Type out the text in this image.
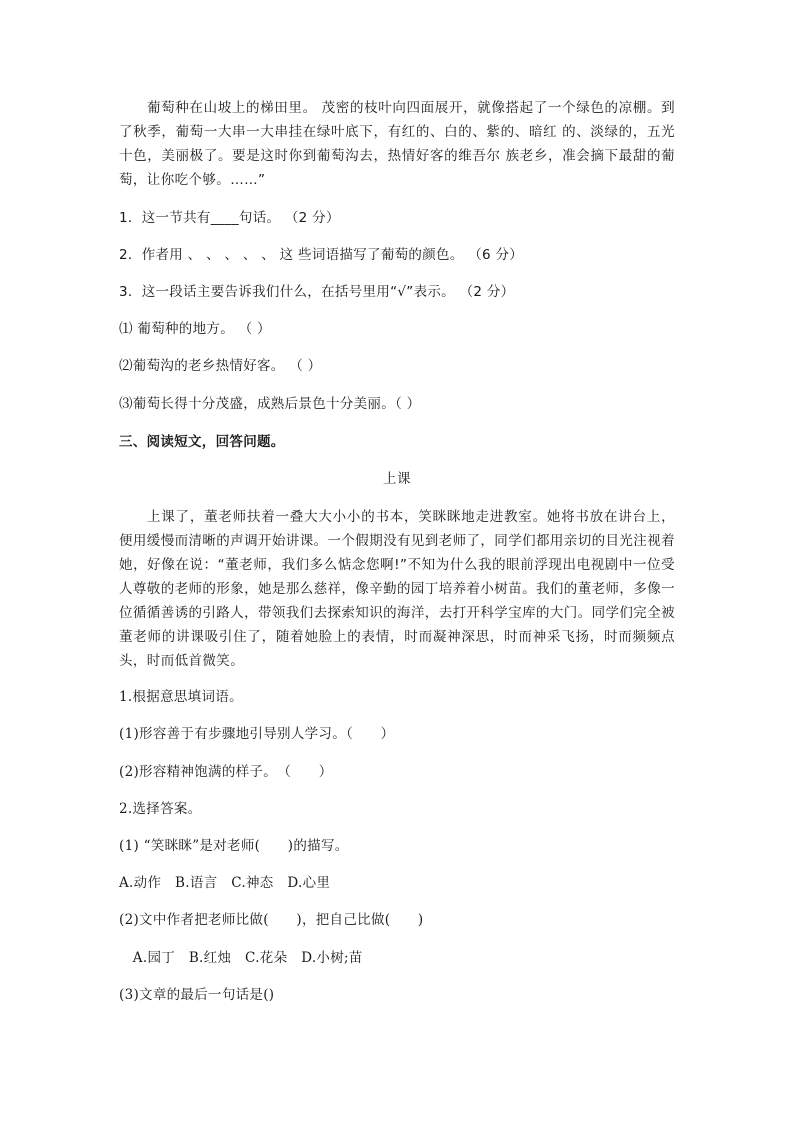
葡萄种在山坡上的梯田里。 茂密的枝叶向四面展开，就像搭起了一个绿色的凉棚。到了秋季，葡萄一大串一大串挂在绿叶底下，有红的、白的、紫的、暗红 的、淡绿的，五光十色，美丽极了。要是这时你到葡萄沟去，热情好客的维吾尔 族老乡，准会摘下最甜的葡萄，让你吃个够。……”

1．这一节共有____句话。 （2 分）

2．作者用 、 、 、 、 、 这 些词语描写了葡萄的颜色。 （6 分）

3．这一段话主要告诉我们什么，在括号里用“√”表示。 （2 分）

⑴ 葡萄种的地方。 （ ）

⑵葡萄沟的老乡热情好客。 （ ）

⑶葡萄长得十分茂盛，成熟后景色十分美丽。（ ）

三、阅读短文，回答问题。

上课

上课了，董老师扶着一叠大大小小的书本，笑眯眯地走进教室。她将书放在讲台上，便用缓慢而清晰的声调开始讲课。一个假期没有见到老师了，同学们都用亲切的目光注视着她，好像在说：“董老师，我们多么惦念您啊!”不知为什么我的眼前浮现出电视剧中一位受人尊敬的老师的形象，她是那么慈祥，像辛勤的园丁培养着小树苗。我们的董老师，多像一位循循善诱的引路人，带领我们去探索知识的海洋，去打开科学宝库的大门。同学们完全被董老师的讲课吸引住了，随着她脸上的表情，时而凝神深思，时而神采飞扬，时而频频点头，时而低首微笑。

1.根据意思填词语。

(1)形容善于有步骤地引导别人学习。（　　）

(2)形容精神饱满的样子。　（　　）

2.选择答案。

(1) “笑眯眯”是对老师(　　)的描写。

A.动作　B.语言　C.神态　D.心里

(2)文中作者把老师比做(　　)，把自己比做(　　)

　A.园丁　B.红烛　C.花朵　D.小树;苗

(3)文章的最后一句话是()
